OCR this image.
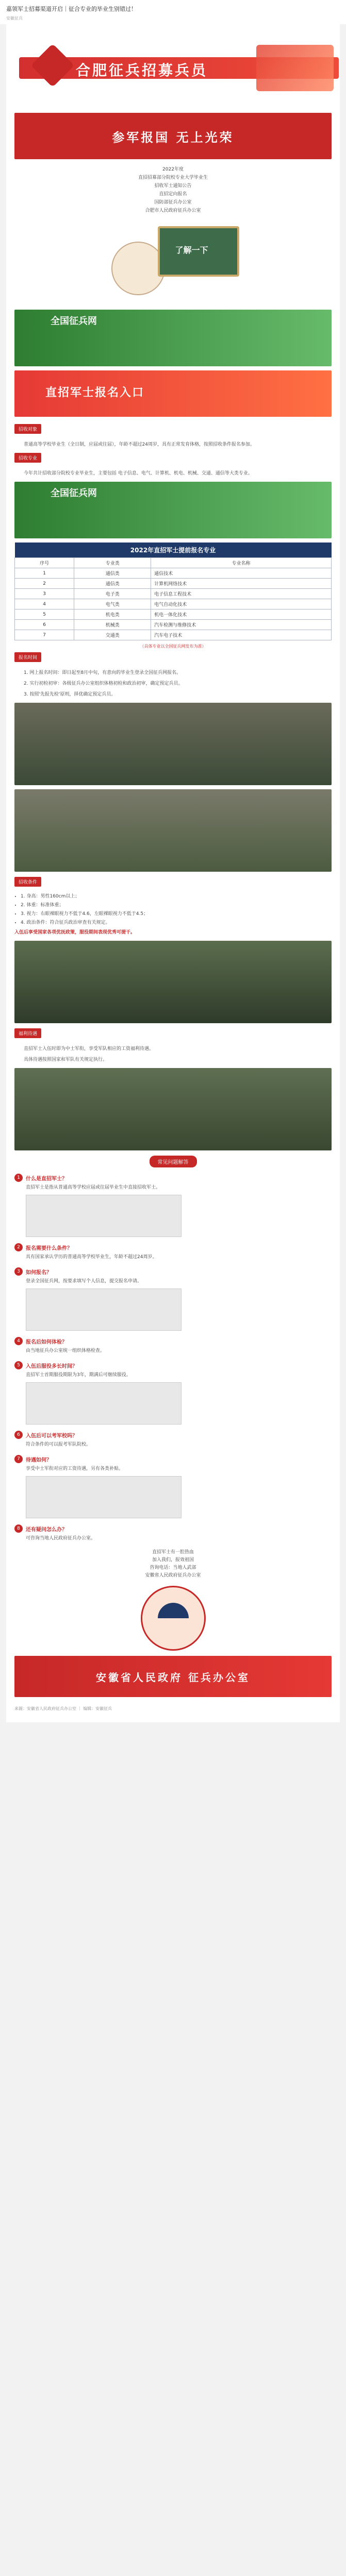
嘉领军士招募渠道开启｜征合专业的毕业生别错过！
安徽征兵
合肥征兵招募兵员
参军报国 无上光荣
2022年度
直招招募部分院校专业大学毕业生
招收军士通知公告
直招定向报名
国防部征兵办公室
合肥市人民政府征兵办公室
了解一下
全国征兵网
直招军士报名入口
招收对象
普通高等学校毕业生（全日制，应届或往届），年龄不超过24周岁，具有正常发育体格，按照招收条件报名参加。
招收专业
今年共计招收部分院校专业毕业生，主要包括 电子信息、电气、计算机、机电、机械、交通、通信等大类专业。
全国征兵网
2022年直招军士提前报名专业		
序号	专业类	专业名称
1	通信类	通信技术
2	通信类	计算机网络技术
3	电子类	电子信息工程技术
4	电气类	电气自动化技术
5	机电类	机电一体化技术
6	机械类	汽车检测与维修技术
7	交通类	汽车电子技术
（具体专业以全国征兵网发布为准）
报名时间
1. 网上报名时间：即日起至8月中旬，有意向的毕业生登录全国征兵网报名。
2. 实行初检初审：各级征兵办公室组织体格初检和政治初审，确定预定兵员。
3. 按照'先报先检'原则，择优确定预定兵员。
招收条件
• 1. 身高：男性160cm以上；
• 2. 体重：标准体重；
• 3. 视力：右眼裸眼视力不低于4.6，左眼裸眼视力不低于4.5；
• 4. 政治条件：符合征兵政治审查有关规定。
入伍后享受国家各项优抚政策，服役期间表现优秀可提干。
福利待遇
直招军士入伍时即为中士军衔，享受军队相应的工资福利待遇。
具体待遇按照国家和军队有关规定执行。
常见问题解答
1	什么是直招军士？
直招军士是指从普通高等学校应届或往届毕业生中直接招收军士。
2	报名需要什么条件？
具有国家承认学历的普通高等学校毕业生，年龄不超过24周岁。
3	如何报名？
登录全国征兵网，按要求填写个人信息，提交报名申请。
4	报名后如何体检？
由当地征兵办公室统一组织体格检查。
5	入伍后服役多长时间？
直招军士首期服役期限为3年，期满后可继续服役。
6	入伍后可以考军校吗？
符合条件的可以报考军队院校。
7	待遇如何？
享受中士军衔对应的工资待遇，另有各类补贴。
8	还有疑问怎么办？
可咨询当地人民政府征兵办公室。
直招军士有一腔热血
加入我们，报效祖国
咨询电话：当地人武部
安徽省人民政府征兵办公室
安徽省人民政府 征兵办公室
来源：安徽省人民政府征兵办公室 ｜ 编辑：安徽征兵
